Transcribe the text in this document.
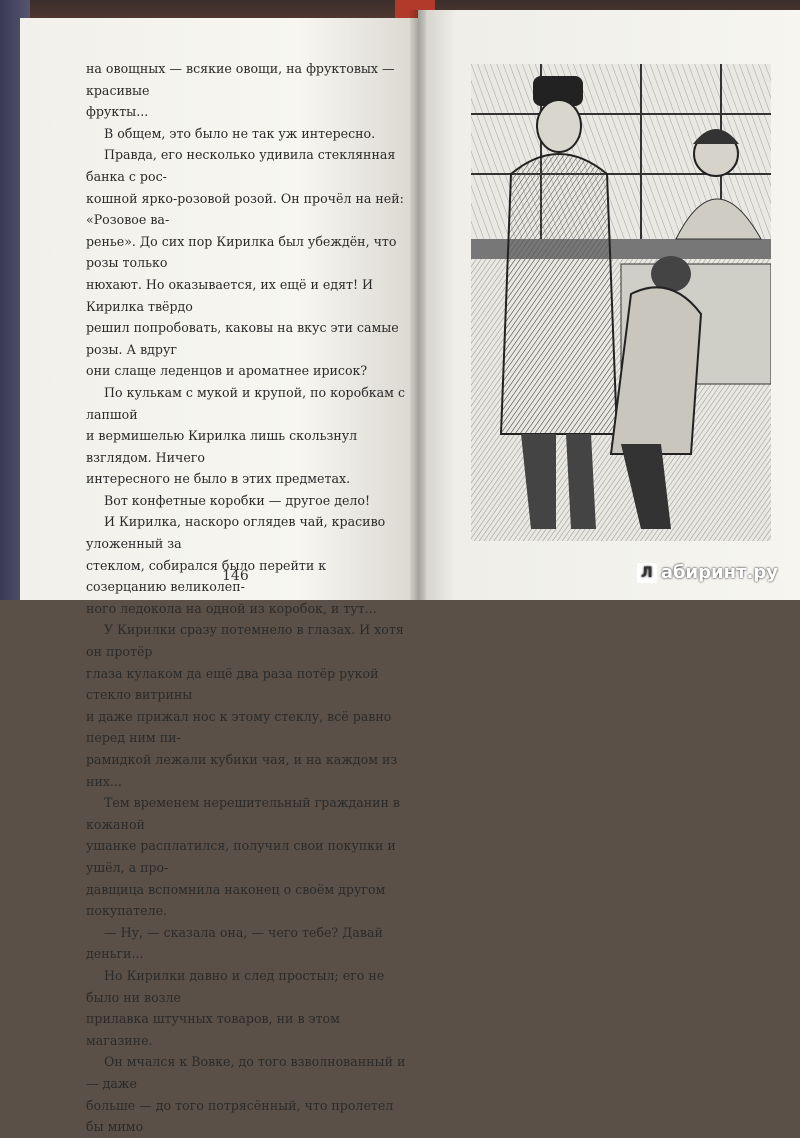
на овощных — всякие овощи, на фруктовых — красивые

фрукты...

В общем, это было не так уж интересно.

Правда, его несколько удивила стеклянная банка с рос-

кошной ярко-розовой розой. Он прочёл на ней: «Розовое ва-

ренье». До сих пор Кирилка был убеждён, что розы только

нюхают. Но оказывается, их ещё и едят! И Кирилка твёрдо

решил попробовать, каковы на вкус эти самые розы. А вдруг

они слаще леденцов и ароматнее ирисок?

По кулькам с мукой и крупой, по коробкам с лапшой

и вермишелью Кирилка лишь скользнул взглядом. Ничего

интересного не было в этих предметах.

Вот конфетные коробки — другое дело!

И Кирилка, наскоро оглядев чай, красиво уложенный за

стеклом, собирался было перейти к созерцанию великолеп-

ного ледокола на одной из коробок, и тут...

У Кирилки сразу потемнело в глазах. И хотя он протёр

глаза кулаком да ещё два раза потёр рукой стекло витрины

и даже прижал нос к этому стеклу, всё равно перед ним пи-

рамидкой лежали кубики чая, и на каждом из них...

Тем временем нерешительный гражданин в кожаной

ушанке расплатился, получил свои покупки и ушёл, а про-

давщица вспомнила наконец о своём другом покупателе.

— Ну, — сказала она, — чего тебе? Давай деньги...

Но Кирилки давно и след простыл; его не было ни возле

прилавка штучных товаров, ни в этом магазине.

Он мчался к Вовке, до того взволнованный и — даже

больше — до того потрясённый, что пролетел бы мимо

146	Л абиринт.ру
